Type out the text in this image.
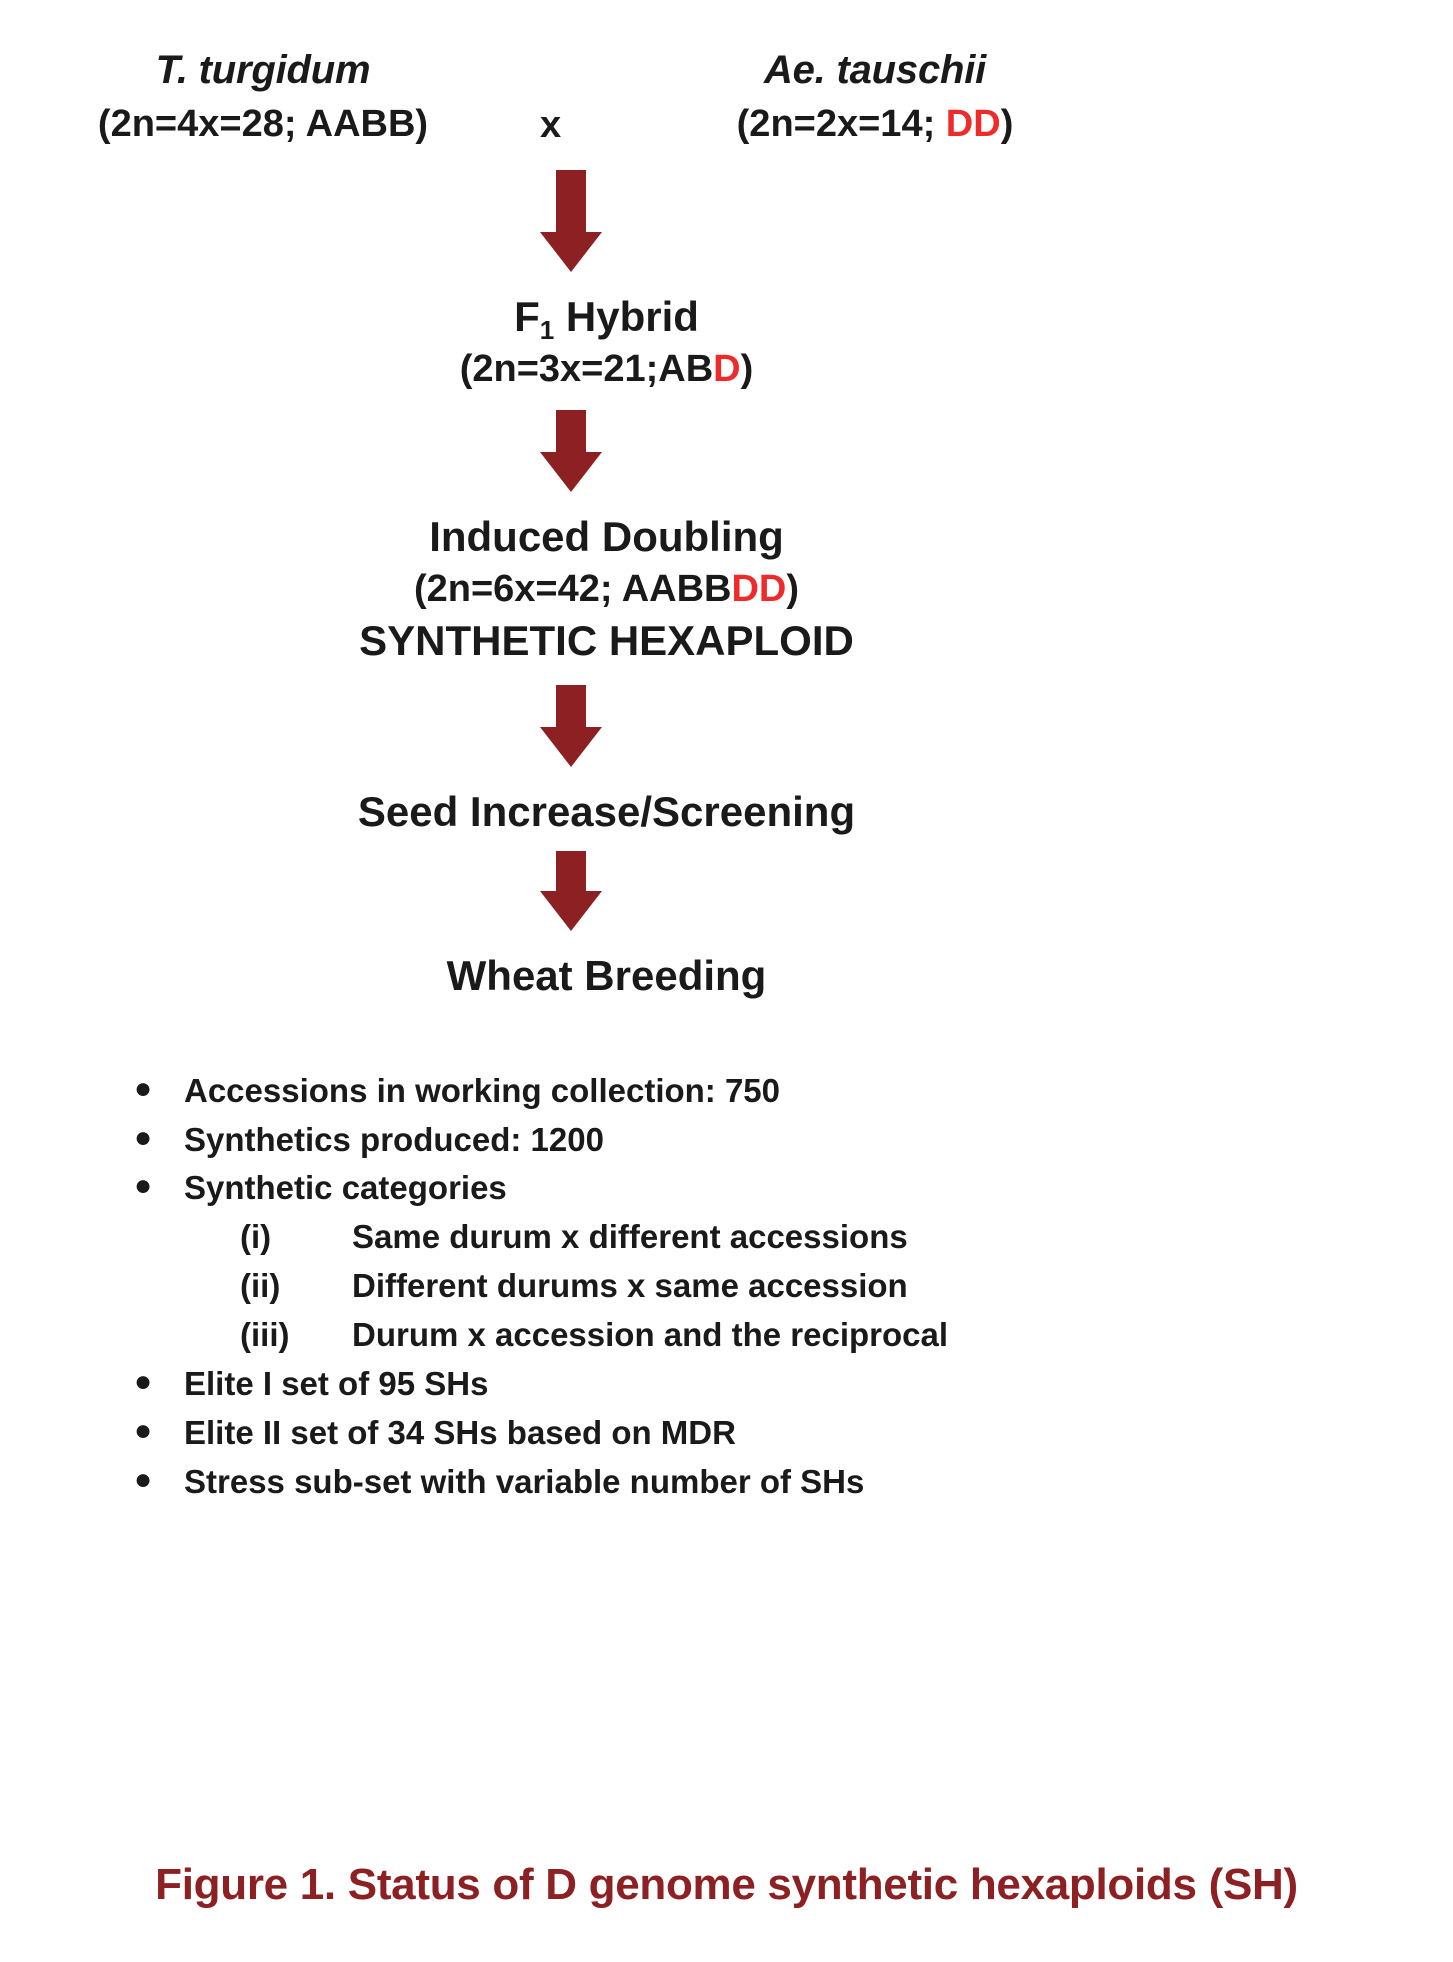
T. turgidum
(2n=4x=28; AABB)	x
Ae. tauschii
(2n=2x=14; DD)
$F_1$ Hybrid
(2n=3x=21;ABD)
Induced Doubling
(2n=6x=42; AABBDD)
SYNTHETIC HEXAPLOID
Seed Increase/Screening
Wheat Breeding
● Accessions in working collection: 750
● Synthetics produced: 1200
● Synthetic categories
(i)	Same durum x different accessions
(ii)	Different durums x same accession
(iii)	Durum x accession and the reciprocal
● Elite I set of 95 SHs
● Elite II set of 34 SHs based on MDR
● Stress sub-set with variable number of SHs
Figure 1. Status of D genome synthetic hexaploids (SH)
